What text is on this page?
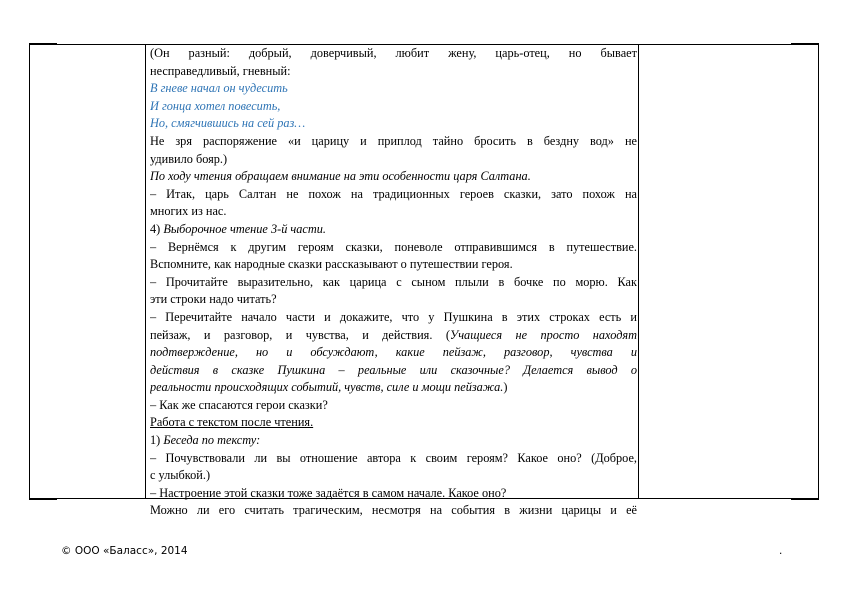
(Он разный: добрый, доверчивый, любит жену, царь-отец, но бывает
несправедливый, гневный:
В гневе начал он чудесить
И гонца хотел повесить,
Но, смягчившись на сей раз…
Не зря распоряжение «и царицу и приплод тайно бросить в бездну вод» не
удивило бояр.)
По ходу чтения обращаем внимание на эти особенности царя Салтана.
– Итак, царь Салтан не похож на традиционных героев сказки, зато похож на
многих из нас.
4) Выборочное чтение 3-й части.
– Вернёмся к другим героям сказки, поневоле отправившимся в путешествие.
Вспомните, как народные сказки рассказывают о путешествии героя.
– Прочитайте выразительно, как царица с сыном плыли в бочке по морю. Как
эти строки надо читать?
– Перечитайте начало части и докажите, что у Пушкина в этих строках есть и
пейзаж, и разговор, и чувства, и действия. (Учащиеся не просто находят
подтверждение, но и обсуждают, какие пейзаж, разговор, чувства и
действия в сказке Пушкина – реальные или сказочные? Делается вывод о
реальности происходящих событий, чувств, силе и мощи пейзажа.)
– Как же спасаются герои сказки?
Работа с текстом после чтения.
1) Беседа по тексту:
– Почувствовали ли вы отношение автора к своим героям? Какое оно? (Доброе,
с улыбкой.)
– Настроение этой сказки тоже задаётся в самом начале. Какое оно?
Можно ли его считать трагическим, несмотря на события в жизни царицы и её
© ООО «Баласс», 2014	.
